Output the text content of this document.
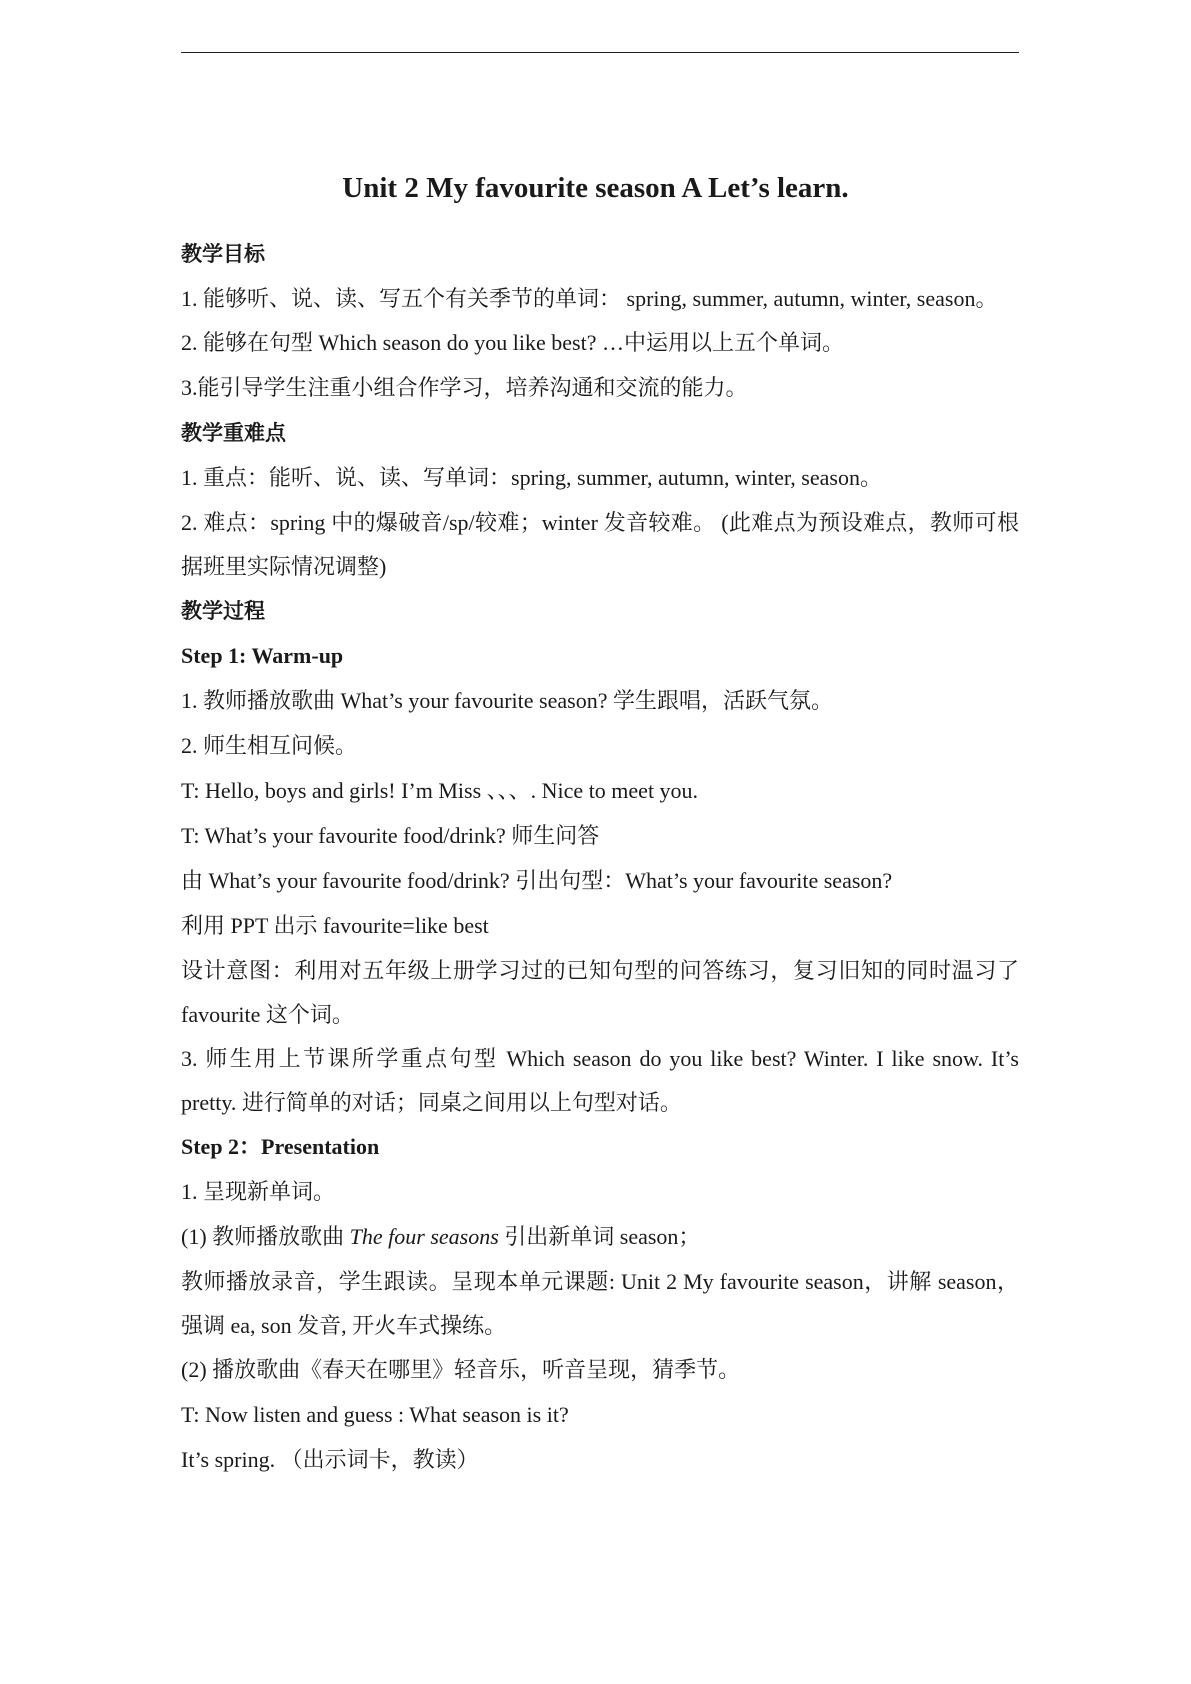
Unit 2 My favourite season A Let’s learn.
教学目标
1. 能够听、说、读、写五个有关季节的单词： spring, summer, autumn, winter, season。
2. 能够在句型 Which season do you like best? …中运用以上五个单词。
3.能引导学生注重小组合作学习，培养沟通和交流的能力。
教学重难点
1. 重点：能听、说、读、写单词：spring, summer, autumn, winter, season。
2. 难点：spring 中的爆破音/sp/较难；winter 发音较难。 (此难点为预设难点，教师可根据班里实际情况调整)
教学过程
Step 1: Warm-up
1. 教师播放歌曲 What’s your favourite season? 学生跟唱，活跃气氛。
2. 师生相互问候。
T: Hello, boys and girls! I’m Miss 、、、. Nice to meet you.
T: What’s your favourite food/drink? 师生问答
由 What’s your favourite food/drink? 引出句型：What’s your favourite season?
利用 PPT 出示 favourite=like best
设计意图：利用对五年级上册学习过的已知句型的问答练习，复习旧知的同时温习了 favourite 这个词。
3. 师生用上节课所学重点句型 Which season do you like best? Winter. I like snow. It’s pretty. 进行简单的对话；同桌之间用以上句型对话。
Step 2：Presentation
1. 呈现新单词。
(1) 教师播放歌曲 The four seasons 引出新单词 season；
教师播放录音，学生跟读。呈现本单元课题: Unit 2 My favourite season，讲解 season，强调 ea, son 发音, 开火车式操练。
(2) 播放歌曲《春天在哪里》轻音乐，听音呈现，猜季节。
T: Now listen and guess : What season is it?
It’s spring. （出示词卡，教读）
